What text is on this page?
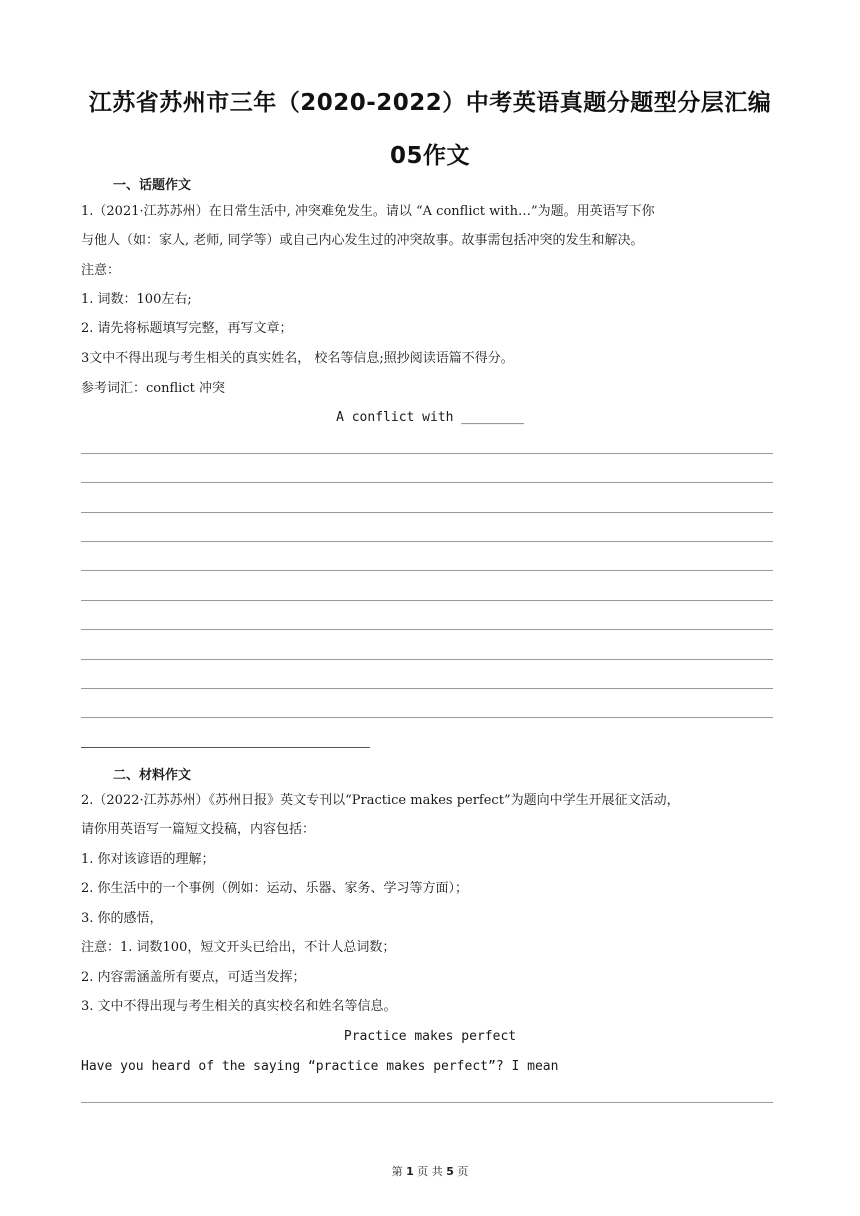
江苏省苏州市三年（2020-2022）中考英语真题分题型分层汇编
05作文
一、话题作文
1.（2021·江苏苏州）在日常生活中, 冲突难免发生。请以 “A conflict with…”为题。用英语写下你
与他人（如：家人, 老师, 同学等）或自己内心发生过的冲突故事。故事需包括冲突的发生和解决。
注意：
1. 词数：100左右;
2. 请先将标题填写完整，再写文章；
3文中不得出现与考生相关的真实姓名， 校名等信息;照抄阅读语篇不得分。
参考词汇：conflict 冲突
A conflict with ________
二、材料作文
2.（2022·江苏苏州）《苏州日报》英文专刊以“Practice makes perfect”为题向中学生开展征文活动，
请你用英语写一篇短文投稿，内容包括：
1. 你对该谚语的理解；
2. 你生活中的一个事例（例如：运动、乐器、家务、学习等方面）；
3. 你的感悟，
注意：1. 词数100，短文开头已给出，不计人总词数；
2. 内容需涵盖所有要点，可适当发挥；
3. 文中不得出现与考生相关的真实校名和姓名等信息。
Practice makes perfect
Have you heard of the saying “practice makes perfect”? I mean
第 1 页 共 5 页
